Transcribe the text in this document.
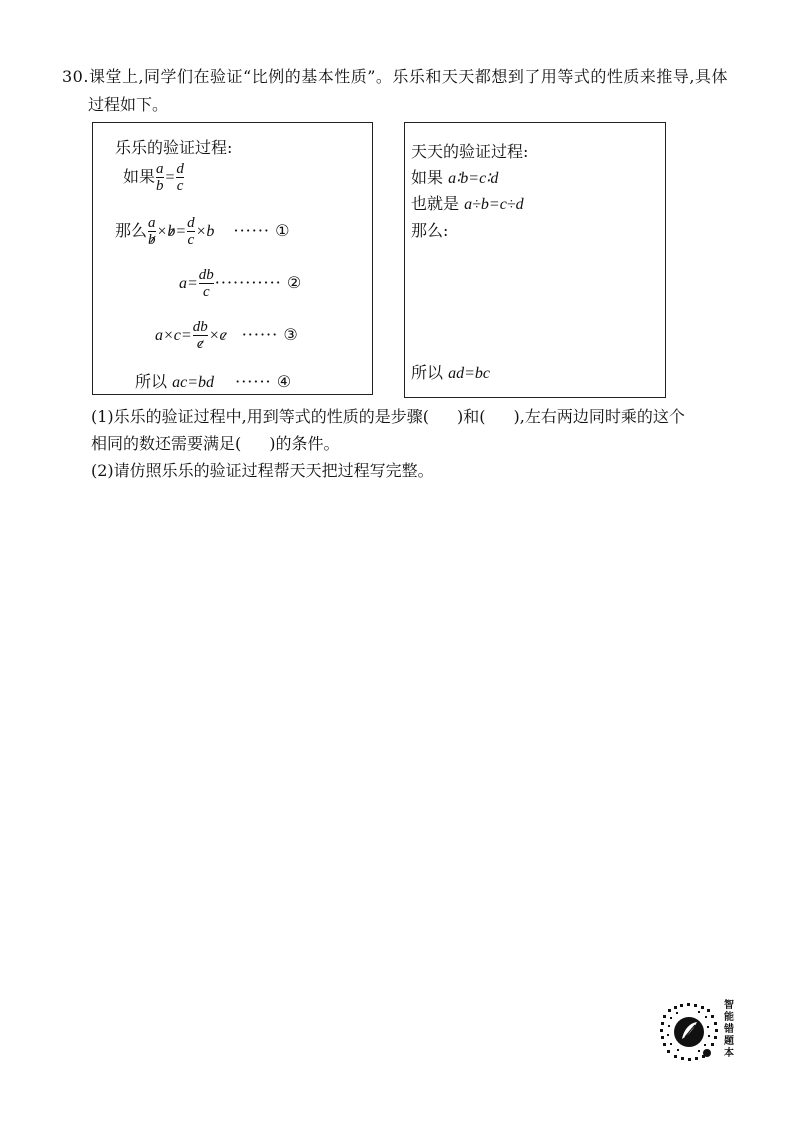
30.课堂上,同学们在验证“比例的基本性质”。乐乐和天天都想到了用等式的性质来推导,具体
过程如下。
乐乐的验证过程:
如果 $\frac{a}{b} = \frac{d}{c}$
那么 $\frac{a}{b} \times b= \frac{d}{c} \times b$ ······ ①
$a= \frac{db}{c}$ ··········· ②
$a\times c= \frac{db}{c} \times c$ ······ ③
所以 ac=bd ······ ④
天天的验证过程:
如果 a∶b=c∶d
也就是 a÷b=c÷d
那么:
所以 ad=bc
(1)乐乐的验证过程中,用到等式的性质的是步骤( )和( ),左右两边同时乘的这个
相同的数还需要满足( )的条件。
(2)请仿照乐乐的验证过程帮天天把过程写完整。
智能错题本
